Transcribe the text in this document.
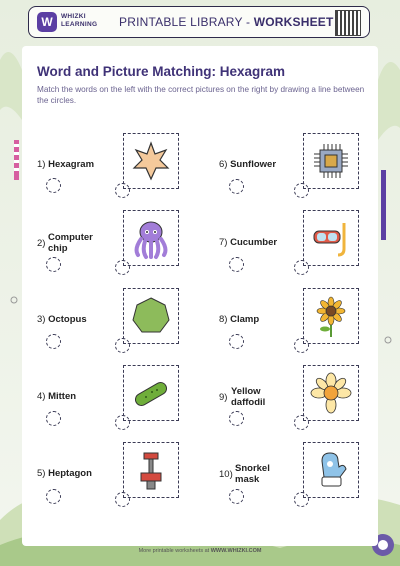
W	WHIZKI
LEARNING PRINTABLE LIBRARY - WORKSHEET
Word and Picture Matching: Hexagram
Match the words on the left with the correct pictures on the right by drawing a line between the circles.
1) Hexagram
2)
Computer chip
3) Octopus
4) Mitten
5) Heptagon
6) Sunflower
7) Cucumber
8) Clamp
9)
Yellow daffodil
10)
Snorkel mask
More printable worksheets at WWW.WHIZKI.COM
